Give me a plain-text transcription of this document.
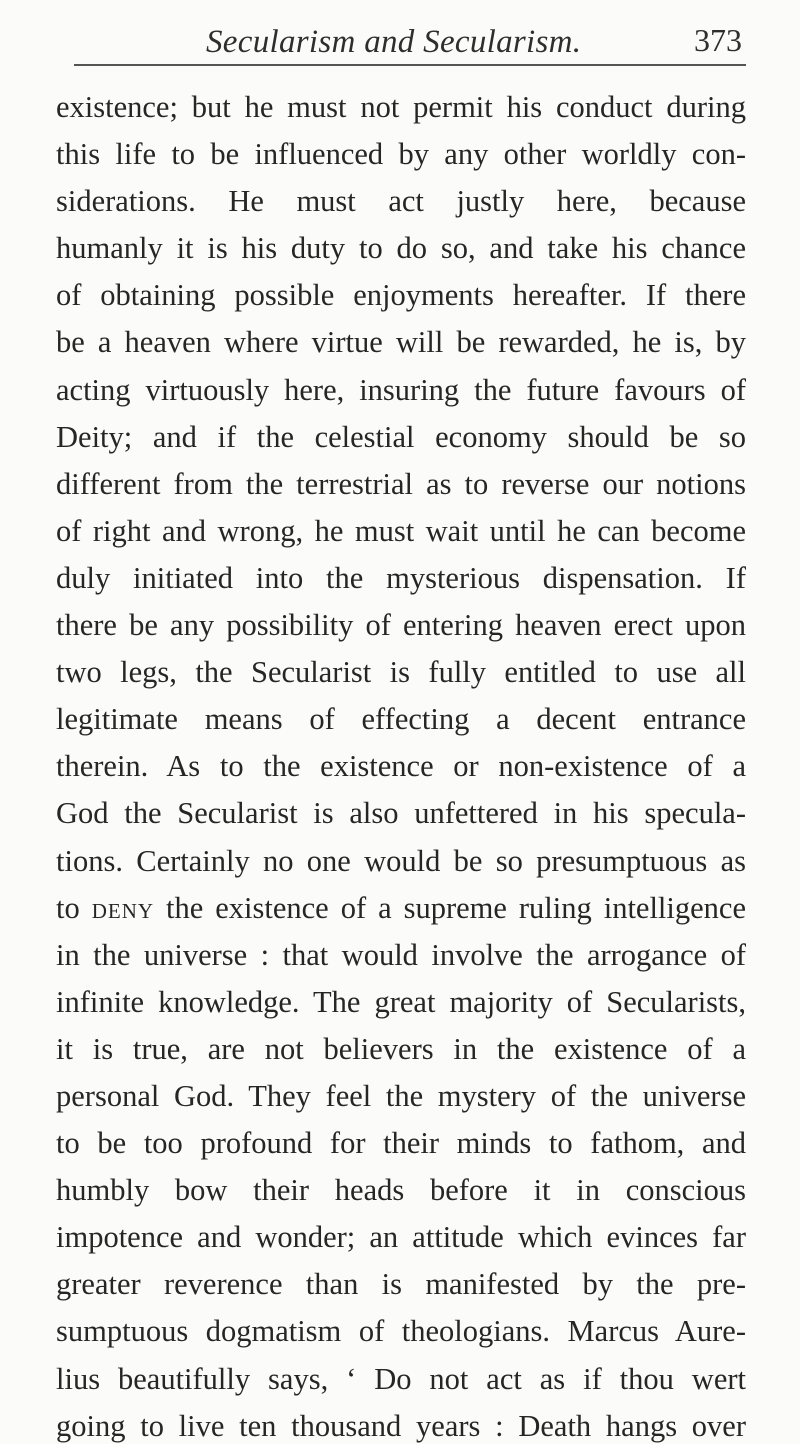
Secularism and Secularism.	373
existence; but he must not permit his conduct during
this life to be influenced by any other worldly con-
siderations. He must act justly here, because
humanly it is his duty to do so, and take his chance
of obtaining possible enjoyments hereafter. If there
be a heaven where virtue will be rewarded, he is, by
acting virtuously here, insuring the future favours of
Deity; and if the celestial economy should be so
different from the terrestrial as to reverse our notions
of right and wrong, he must wait until he can become
duly initiated into the mysterious dispensation. If
there be any possibility of entering heaven erect upon
two legs, the Secularist is fully entitled to use all
legitimate means of effecting a decent entrance
therein. As to the existence or non-existence of a
God the Secularist is also unfettered in his specula-
tions. Certainly no one would be so presumptuous as
to deny the existence of a supreme ruling intelligence
in the universe : that would involve the arrogance of
infinite knowledge. The great majority of Secularists,
it is true, are not believers in the existence of a
personal God. They feel the mystery of the universe
to be too profound for their minds to fathom, and
humbly bow their heads before it in conscious
impotence and wonder; an attitude which evinces far
greater reverence than is manifested by the pre-
sumptuous dogmatism of theologians. Marcus Aure-
lius beautifully says, ‘ Do not act as if thou wert
going to live ten thousand years : Death hangs over
